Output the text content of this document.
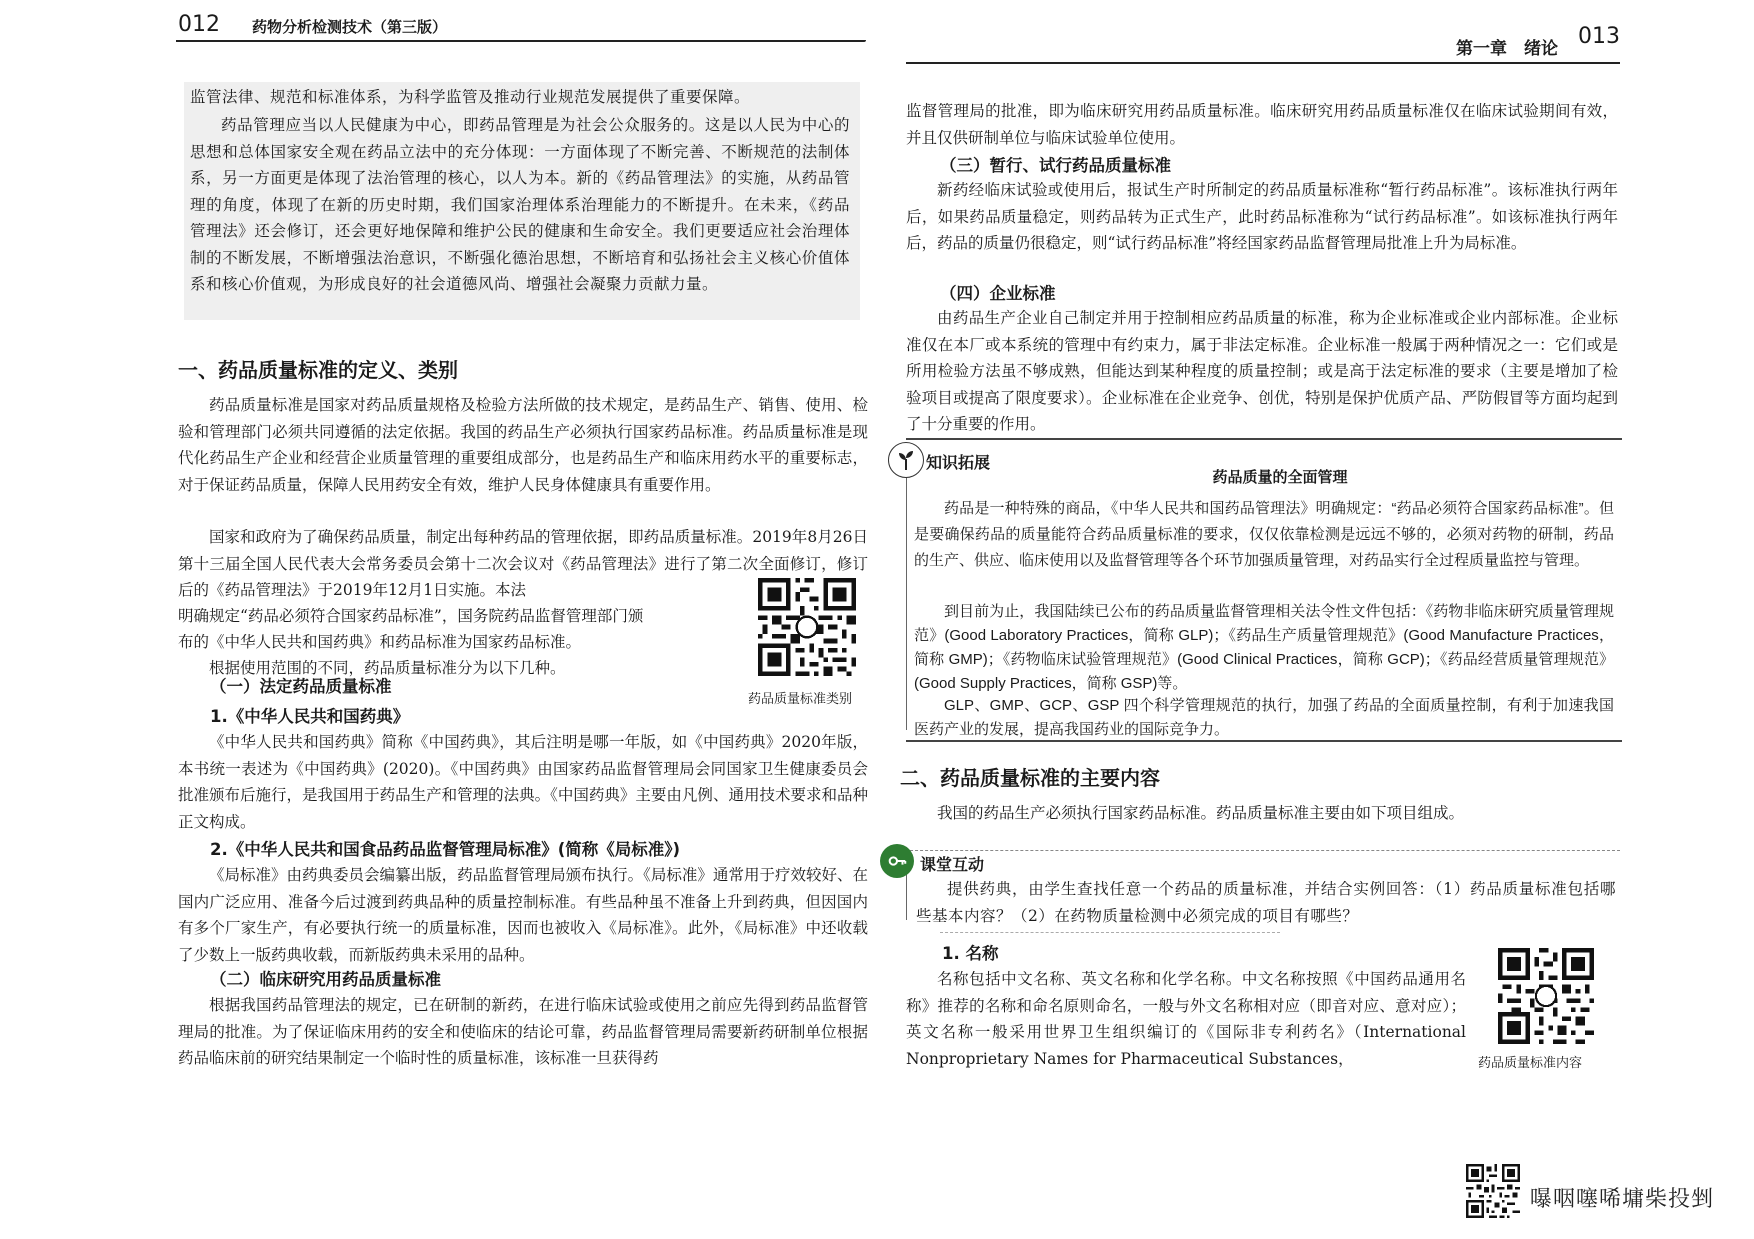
012 药物分析检测技术（第三版）
第一章　绪论 013

监管法律、规范和标准体系，为科学监管及推动行业规范发展提供了重要保障。

药品管理应当以人民健康为中心，即药品管理是为社会公众服务的。这是以人民为中心的思想和总体国家安全观在药品立法中的充分体现：一方面体现了不断完善、不断规范的法制体系，另一方面更是体现了法治管理的核心，以人为本。新的《药品管理法》的实施，从药品管理的角度，体现了在新的历史时期，我们国家治理体系治理能力的不断提升。在未来，《药品管理法》还会修订，还会更好地保障和维护公民的健康和生命安全。我们更要适应社会治理体制的不断发展，不断增强法治意识，不断强化德治思想，不断培育和弘扬社会主义核心价值体系和核心价值观，为形成良好的社会道德风尚、增强社会凝聚力贡献力量。

一、药品质量标准的定义、类别

药品质量标准是国家对药品质量规格及检验方法所做的技术规定，是药品生产、销售、使用、检验和管理部门必须共同遵循的法定依据。我国的药品生产必须执行国家药品标准。药品质量标准是现代化药品生产企业和经营企业质量管理的重要组成部分，也是药品生产和临床用药水平的重要标志，对于保证药品质量，保障人民用药安全有效，维护人民身体健康具有重要作用。

国家和政府为了确保药品质量，制定出每种药品的管理依据，即药品质量标准。2019年8月26日第十三届全国人民代表大会常务委员会第十二次会议对《药品管理法》进行了第二次全面修订，修订后的《药品管理法》于2019年12月1日实施。本法

明确规定“药品必须符合国家药品标准”，国务院药品监督管理部门颁

布的《中华人民共和国药典》和药品标准为国家药品标准。

根据使用范围的不同，药品质量标准分为以下几种。

药品质量标准类别
（一）法定药品质量标准
1.《中华人民共和国药典》

《中华人民共和国药典》简称《中国药典》，其后注明是哪一年版，如《中国药典》2020年版，本书统一表述为《中国药典》(2020)。《中国药典》由国家药品监督管理局会同国家卫生健康委员会批准颁布后施行，是我国用于药品生产和管理的法典。《中国药典》主要由凡例、通用技术要求和品种正文构成。

2.《中华人民共和国食品药品监督管理局标准》(简称《局标准》)

《局标准》由药典委员会编纂出版，药品监督管理局颁布执行。《局标准》通常用于疗效较好、在国内广泛应用、准备今后过渡到药典品种的质量控制标准。有些品种虽不准备上升到药典，但因国内有多个厂家生产，有必要执行统一的质量标准，因而也被收入《局标准》。此外，《局标准》中还收载了少数上一版药典收载，而新版药典未采用的品种。

（二）临床研究用药品质量标准

根据我国药品管理法的规定，已在研制的新药，在进行临床试验或使用之前应先得到药品监督管理局的批准。为了保证临床用药的安全和使临床的结论可靠，药品监督管理局需要新药研制单位根据药品临床前的研究结果制定一个临时性的质量标准，该标准一旦获得药

监督管理局的批准，即为临床研究用药品质量标准。临床研究用药品质量标准仅在临床试验期间有效，并且仅供研制单位与临床试验单位使用。

（三）暂行、试行药品质量标准

新药经临床试验或使用后，报试生产时所制定的药品质量标准称“暂行药品标准”。该标准执行两年后，如果药品质量稳定，则药品转为正式生产，此时药品标准称为“试行药品标准”。如该标准执行两年后，药品的质量仍很稳定，则“试行药品标准”将经国家药品监督管理局批准上升为局标准。

（四）企业标准

由药品生产企业自己制定并用于控制相应药品质量的标准，称为企业标准或企业内部标准。企业标准仅在本厂或本系统的管理中有约束力，属于非法定标准。企业标准一般属于两种情况之一：它们或是所用检验方法虽不够成熟，但能达到某种程度的质量控制；或是高于法定标准的要求（主要是增加了检验项目或提高了限度要求）。企业标准在企业竞争、创优，特别是保护优质产品、严防假冒等方面均起到了十分重要的作用。

知识拓展
药品质量的全面管理

药品是一种特殊的商品，《中华人民共和国药品管理法》明确规定：“药品必须符合国家药品标准”。但是要确保药品的质量能符合药品质量标准的要求，仅仅依靠检测是远远不够的，必须对药物的研制，药品的生产、供应、临床使用以及监督管理等各个环节加强质量管理，对药品实行全过程质量监控与管理。

到目前为止，我国陆续已公布的药品质量监督管理相关法令性文件包括：《药物非临床研究质量管理规范》(Good Laboratory Practices，简称 GLP)；《药品生产质量管理规范》(Good Manufacture Practices，简称 GMP)；《药物临床试验管理规范》(Good Clinical Practices，简称 GCP)；《药品经营质量管理规范》(Good Supply Practices，简称 GSP)等。

GLP、GMP、GCP、GSP 四个科学管理规范的执行，加强了药品的全面质量控制，有利于加速我国医药产业的发展，提高我国药业的国际竞争力。

二、药品质量标准的主要内容

我国的药品生产必须执行国家药品标准。药品质量标准主要由如下项目组成。

课堂互动

提供药典，由学生查找任意一个药品的质量标准，并结合实例回答：（1）药品质量标准包括哪些基本内容？（2）在药物质量检测中必须完成的项目有哪些？

1. 名称

名称包括中文名称、英文名称和化学名称。中文名称按照《中国药品通用名称》推荐的名称和命名原则命名，一般与外文名称相对应（即音对应、意对应）；英文名称一般采用世界卫生组织编订的《国际非专利药名》（International Nonproprietary Names for Pharmaceutical Substances，	药品质量标准内容
嚗咽噻唏墉柴投剉
